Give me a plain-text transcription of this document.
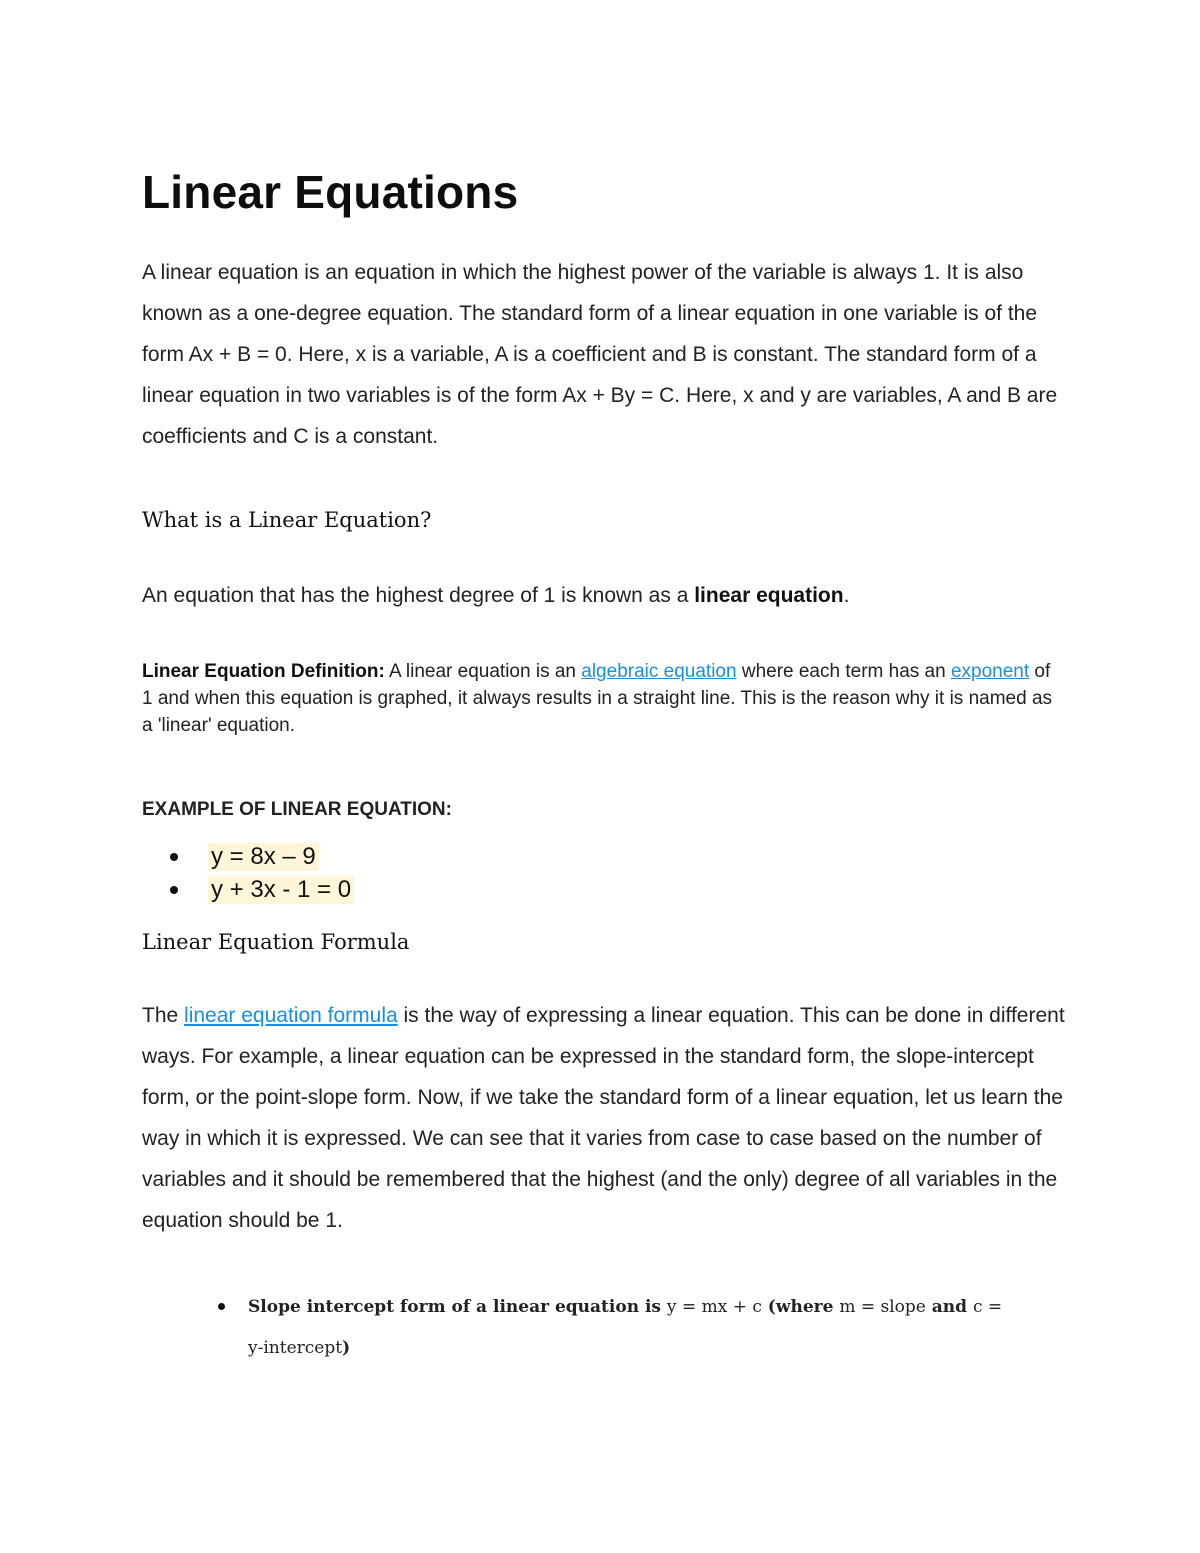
Linear Equations

A linear equation is an equation in which the highest power of the variable is always 1. It is also known as a one-degree equation. The standard form of a linear equation in one variable is of the form Ax + B = 0. Here, x is a variable, A is a coefficient and B is constant. The standard form of a linear equation in two variables is of the form Ax + By = C. Here, x and y are variables, A and B are coefficients and C is a constant.

What is a Linear Equation?

An equation that has the highest degree of 1 is known as a linear equation.

Linear Equation Definition: A linear equation is an algebraic equation where each term has an exponent of 1 and when this equation is graphed, it always results in a straight line. This is the reason why it is named as a 'linear' equation.

EXAMPLE OF LINEAR EQUATION:
y = 8x – 9
y + 3x - 1 = 0
Linear Equation Formula

The linear equation formula is the way of expressing a linear equation. This can be done in different ways. For example, a linear equation can be expressed in the standard form, the slope-intercept form, or the point-slope form. Now, if we take the standard form of a linear equation, let us learn the way in which it is expressed. We can see that it varies from case to case based on the number of variables and it should be remembered that the highest (and the only) degree of all variables in the equation should be 1.

Slope intercept form of a linear equation is y = mx + c (where m = slope and c = y-intercept)
